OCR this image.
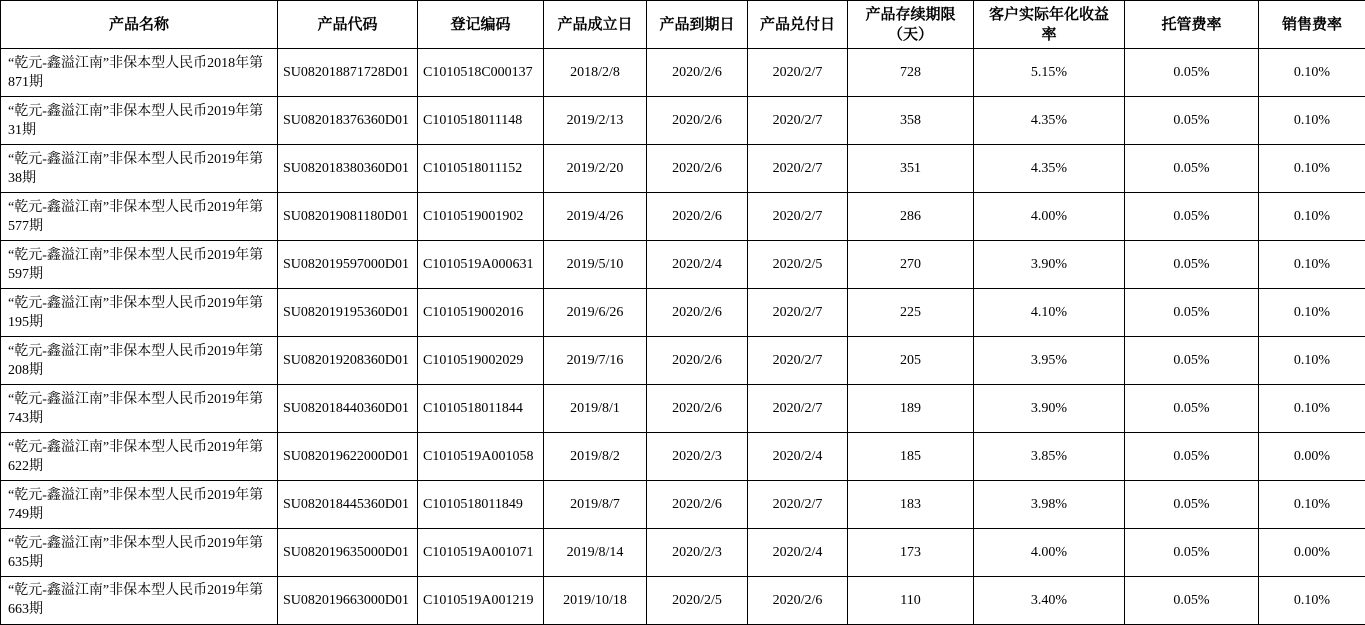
产品名称	产品代码	登记编码	产品成立日	产品到期日	产品兑付日	产品存续期限（天）	客户实际年化收益率	托管费率	销售费率
“乾元-鑫溢江南”非保本型人民币2018年第871期	SU082018871728D01	C1010518C000137	2018/2/8	2020/2/6	2020/2/7	728	5.15%	0.05%	0.10%
“乾元-鑫溢江南”非保本型人民币2019年第31期	SU082018376360D01	C1010518011148	2019/2/13	2020/2/6	2020/2/7	358	4.35%	0.05%	0.10%
“乾元-鑫溢江南”非保本型人民币2019年第38期	SU082018380360D01	C1010518011152	2019/2/20	2020/2/6	2020/2/7	351	4.35%	0.05%	0.10%
“乾元-鑫溢江南”非保本型人民币2019年第577期	SU082019081180D01	C1010519001902	2019/4/26	2020/2/6	2020/2/7	286	4.00%	0.05%	0.10%
“乾元-鑫溢江南”非保本型人民币2019年第597期	SU082019597000D01	C1010519A000631	2019/5/10	2020/2/4	2020/2/5	270	3.90%	0.05%	0.10%
“乾元-鑫溢江南”非保本型人民币2019年第195期	SU082019195360D01	C1010519002016	2019/6/26	2020/2/6	2020/2/7	225	4.10%	0.05%	0.10%
“乾元-鑫溢江南”非保本型人民币2019年第208期	SU082019208360D01	C1010519002029	2019/7/16	2020/2/6	2020/2/7	205	3.95%	0.05%	0.10%
“乾元-鑫溢江南”非保本型人民币2019年第743期	SU082018440360D01	C1010518011844	2019/8/1	2020/2/6	2020/2/7	189	3.90%	0.05%	0.10%
“乾元-鑫溢江南”非保本型人民币2019年第622期	SU082019622000D01	C1010519A001058	2019/8/2	2020/2/3	2020/2/4	185	3.85%	0.05%	0.00%
“乾元-鑫溢江南”非保本型人民币2019年第749期	SU082018445360D01	C1010518011849	2019/8/7	2020/2/6	2020/2/7	183	3.98%	0.05%	0.10%
“乾元-鑫溢江南”非保本型人民币2019年第635期	SU082019635000D01	C1010519A001071	2019/8/14	2020/2/3	2020/2/4	173	4.00%	0.05%	0.00%
“乾元-鑫溢江南”非保本型人民币2019年第663期	SU082019663000D01	C1010519A001219	2019/10/18	2020/2/5	2020/2/6	110	3.40%	0.05%	0.10%
